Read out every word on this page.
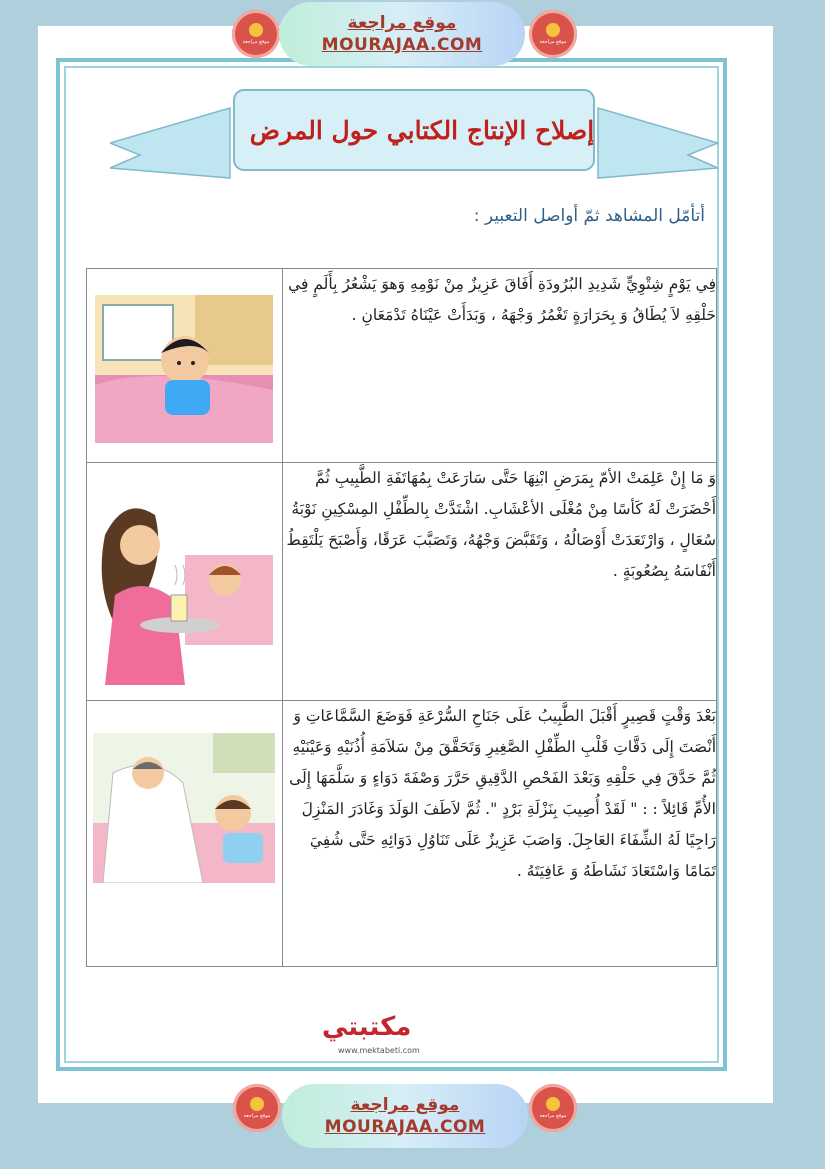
موقع مراجعة
موقع مراجعة
MOURAJAA.COM	موقع مراجعة
إصلاح الإنتاج الكتابي حول المرض
أتأمّل المشاهد ثمّ أواصل التعبير :
	فِي يَوْمٍ شِتْوِيٍّ شَدِيدِ البُرُودَةِ أَفَاقَ عَزِيزٌ مِنْ نَوْمِهِ وَهوَ يَشْعُرُ بِأَلَمٍ فِي حَلْقِهِ لاَ يُطَاقُ وَ بِحَرَارَةٍ تَغْمُرُ وَجْهَهُ ، وَبَدَأَتْ عَيْنَاهُ تَدْمَعَانِ .

	وَ مَا إِنْ عَلِمَتْ الأمّ بِمَرَضِ ابْنِهَا حَتَّى سَارَعَتْ بِمُهَاتَفَةِ الطَّبِيبِ ثُمَّ أَحْضَرَتْ لَهُ كَأسًا مِنْ مُغْلَى الأعْشَابِ. اشْتَدَّتْ بِالطِّفْلِ المِسْكِينِ نَوْبَةُ سُعَالٍ ، وَارْتَعَدَتْ أَوْصَالُهُ ، وَتَقَبَّضَ وَجْهُهُ، وَتَصَبَّبَ عَرَقًا، وَأَصْبَحَ يَلْتَقِطُ أَنْفَاسَهُ بِصُعُوبَةٍ .

	بَعْدَ وَقْتٍ قَصِيرٍ أَقْبَلَ الطَّبِيبُ عَلَى جَنَاحِ السُّرْعَةِ فَوَضَعَ السَّمَّاعَاتِ وَ أَنْصَتَ إِلَى دَقَّاتِ قَلْبِ الطِّفْلِ الصَّغِيرِ وَتَحَقَّقَ مِنْ سَلاَمَةِ أُذُنَيْهِ وَعَيْنَيْهِ ثُمَّ حَدَّقَ فِي حَلْقِهِ وَبَعْدَ الفَحْصِ الدَّقِيقِ حَرَّرَ وَصْفَةَ دَوَاءٍ وَ سَلَّمَهَا إِلَى الأُمِّ قَائِلاً : : " لَقَدْ أُصِيبَ بِنَزْلَةِ بَرْدٍ ". ثُمَّ لاَطَفَ الوَلَدَ وَغَادَرَ المَنْزِلَ رَاجِيًا لَهُ الشِّفَاءَ العَاجِلَ. وَاصَبَ عَزِيزٌ عَلَى تَنَاوُلِ دَوَائِهِ حَتَّى شُفِيَ تَمَامًا وَاسْتَعَادَ نَشَاطَهُ وَ عَافِيَتَهُ .
مكتبتي
www.mektabeti.com
موقع مراجعة
موقع مراجعة
MOURAJAA.COM
موقع مراجعة
